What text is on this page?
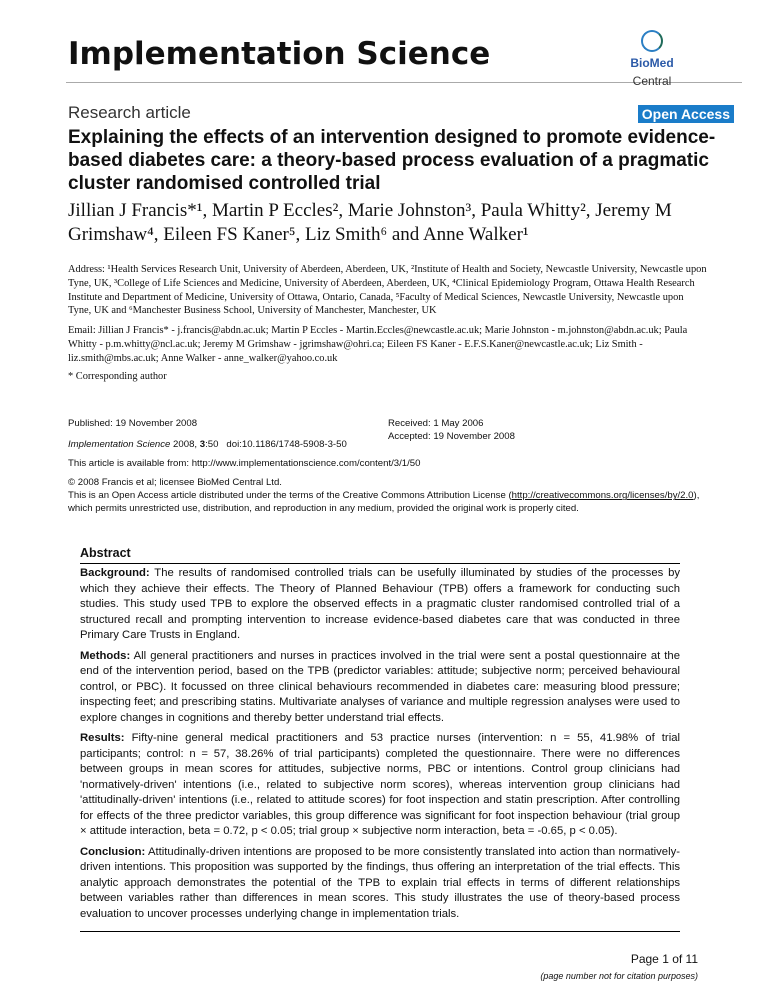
Implementation Science	BioMed Central
Research article	Open Access
Explaining the effects of an intervention designed to promote evidence-based diabetes care: a theory-based process evaluation of a pragmatic cluster randomised controlled trial
Jillian J Francis*¹, Martin P Eccles², Marie Johnston³, Paula Whitty², Jeremy M Grimshaw⁴, Eileen FS Kaner⁵, Liz Smith⁶ and Anne Walker¹
Address: ¹Health Services Research Unit, University of Aberdeen, Aberdeen, UK, ²Institute of Health and Society, Newcastle University, Newcastle upon Tyne, UK, ³College of Life Sciences and Medicine, University of Aberdeen, Aberdeen, UK, ⁴Clinical Epidemiology Program, Ottawa Health Research Institute and Department of Medicine, University of Ottawa, Ontario, Canada, ⁵Faculty of Medical Sciences, Newcastle University, Newcastle upon Tyne, UK and ⁶Manchester Business School, University of Manchester, Manchester, UK
Email: Jillian J Francis* - j.francis@abdn.ac.uk; Martin P Eccles - Martin.Eccles@newcastle.ac.uk; Marie Johnston - m.johnston@abdn.ac.uk; Paula Whitty - p.m.whitty@ncl.ac.uk; Jeremy M Grimshaw - jgrimshaw@ohri.ca; Eileen FS Kaner - E.F.S.Kaner@newcastle.ac.uk; Liz Smith - liz.smith@mbs.ac.uk; Anne Walker - anne_walker@yahoo.co.uk
* Corresponding author
Published: 19 November 2008
Implementation Science 2008, 3:50 doi:10.1186/1748-5908-3-50
Received: 1 May 2006
Accepted: 19 November 2008
This article is available from: http://www.implementationscience.com/content/3/1/50
© 2008 Francis et al; licensee BioMed Central Ltd.
This is an Open Access article distributed under the terms of the Creative Commons Attribution License (http://creativecommons.org/licenses/by/2.0), which permits unrestricted use, distribution, and reproduction in any medium, provided the original work is properly cited.
Abstract

Background: The results of randomised controlled trials can be usefully illuminated by studies of the processes by which they achieve their effects. The Theory of Planned Behaviour (TPB) offers a framework for conducting such studies. This study used TPB to explore the observed effects in a pragmatic cluster randomised controlled trial of a structured recall and prompting intervention to increase evidence-based diabetes care that was conducted in three Primary Care Trusts in England.

Methods: All general practitioners and nurses in practices involved in the trial were sent a postal questionnaire at the end of the intervention period, based on the TPB (predictor variables: attitude; subjective norm; perceived behavioural control, or PBC). It focussed on three clinical behaviours recommended in diabetes care: measuring blood pressure; inspecting feet; and prescribing statins. Multivariate analyses of variance and multiple regression analyses were used to explore changes in cognitions and thereby better understand trial effects.

Results: Fifty-nine general medical practitioners and 53 practice nurses (intervention: n = 55, 41.98% of trial participants; control: n = 57, 38.26% of trial participants) completed the questionnaire. There were no differences between groups in mean scores for attitudes, subjective norms, PBC or intentions. Control group clinicians had 'normatively-driven' intentions (i.e., related to subjective norm scores), whereas intervention group clinicians had 'attitudinally-driven' intentions (i.e., related to attitude scores) for foot inspection and statin prescription. After controlling for effects of the three predictor variables, this group difference was significant for foot inspection behaviour (trial group × attitude interaction, beta = 0.72, p < 0.05; trial group × subjective norm interaction, beta = -0.65, p < 0.05).

Conclusion: Attitudinally-driven intentions are proposed to be more consistently translated into action than normatively-driven intentions. This proposition was supported by the findings, thus offering an interpretation of the trial effects. This analytic approach demonstrates the potential of the TPB to explain trial effects in terms of different relationships between variables rather than differences in mean scores. This study illustrates the use of theory-based process evaluation to uncover processes underlying change in implementation trials.

Page 1 of 11
(page number not for citation purposes)
